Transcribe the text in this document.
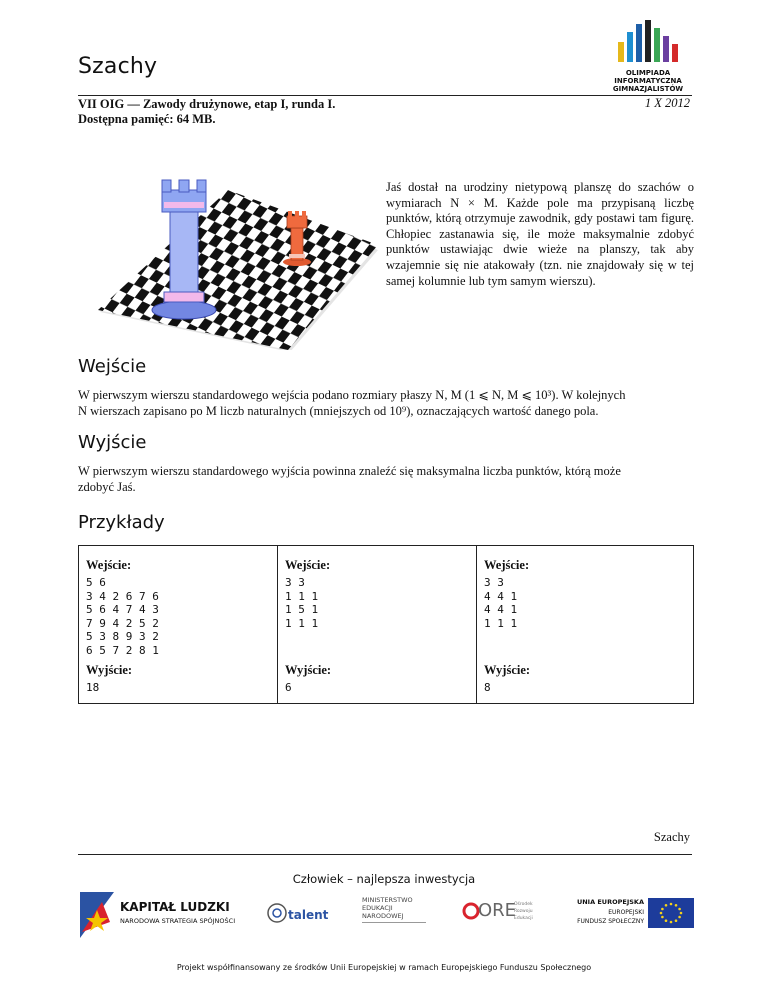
Szachy	OLIMPIADA
INFORMATYCZNA
GIMNAZJALISTÓW
VII OIG — Zawody drużynowe, etap I, runda I.
Dostępna pamięć: 64 MB.
1 X 2012
Jaś dostał na urodziny nietypową planszę do szachów o wymiarach N × M. Każde pole ma przypisaną liczbę punktów, którą otrzymuje zawodnik, gdy postawi tam figurę. Chłopiec zastanawia się, ile może maksymalnie zdobyć punktów ustawiając dwie wieże na planszy, tak aby wzajemnie się nie atakowały (tzn. nie znajdowały się w tej samej kolumnie lub tym samym wierszu).
Wejście
W pierwszym wierszu standardowego wejścia podano rozmiary płaszy N, M (1 ⩽ N, M ⩽ 10³). W kolejnych
N wierszach zapisano po M liczb naturalnych (mniejszych od 10⁹), oznaczających wartość danego pola.
Wyjście
W pierwszym wierszu standardowego wyjścia powinna znaleźć się maksymalna liczba punktów, którą może
zdobyć Jaś.
Przykłady
Wejście:
5 6
3 4 2 6 7 6
5 6 4 7 4 3
7 9 4 2 5 2
5 3 8 9 3 2
6 5 7 2 8 1
Wyjście:
18
Wejście:
3 3
1 1 1
1 5 1
1 1 1
Wyjście:
6
Wejście:
3 3
4 4 1
4 4 1
1 1 1
Wyjście:
8
Szachy
Człowiek – najlepsza inwestycja
KAPITAŁ LUDZKI
NARODOWA STRATEGIA SPÓJNOŚCI	talent
MINISTERSTWO
EDUKACJI
NARODOWEJ	ORE
Ośrodek
Rozwoju
Edukacji
UNIA EUROPEJSKA
EUROPEJSKI
FUNDUSZ SPOŁECZNY
Projekt współfinansowany ze środków Unii Europejskiej w ramach Europejskiego Funduszu Społecznego
